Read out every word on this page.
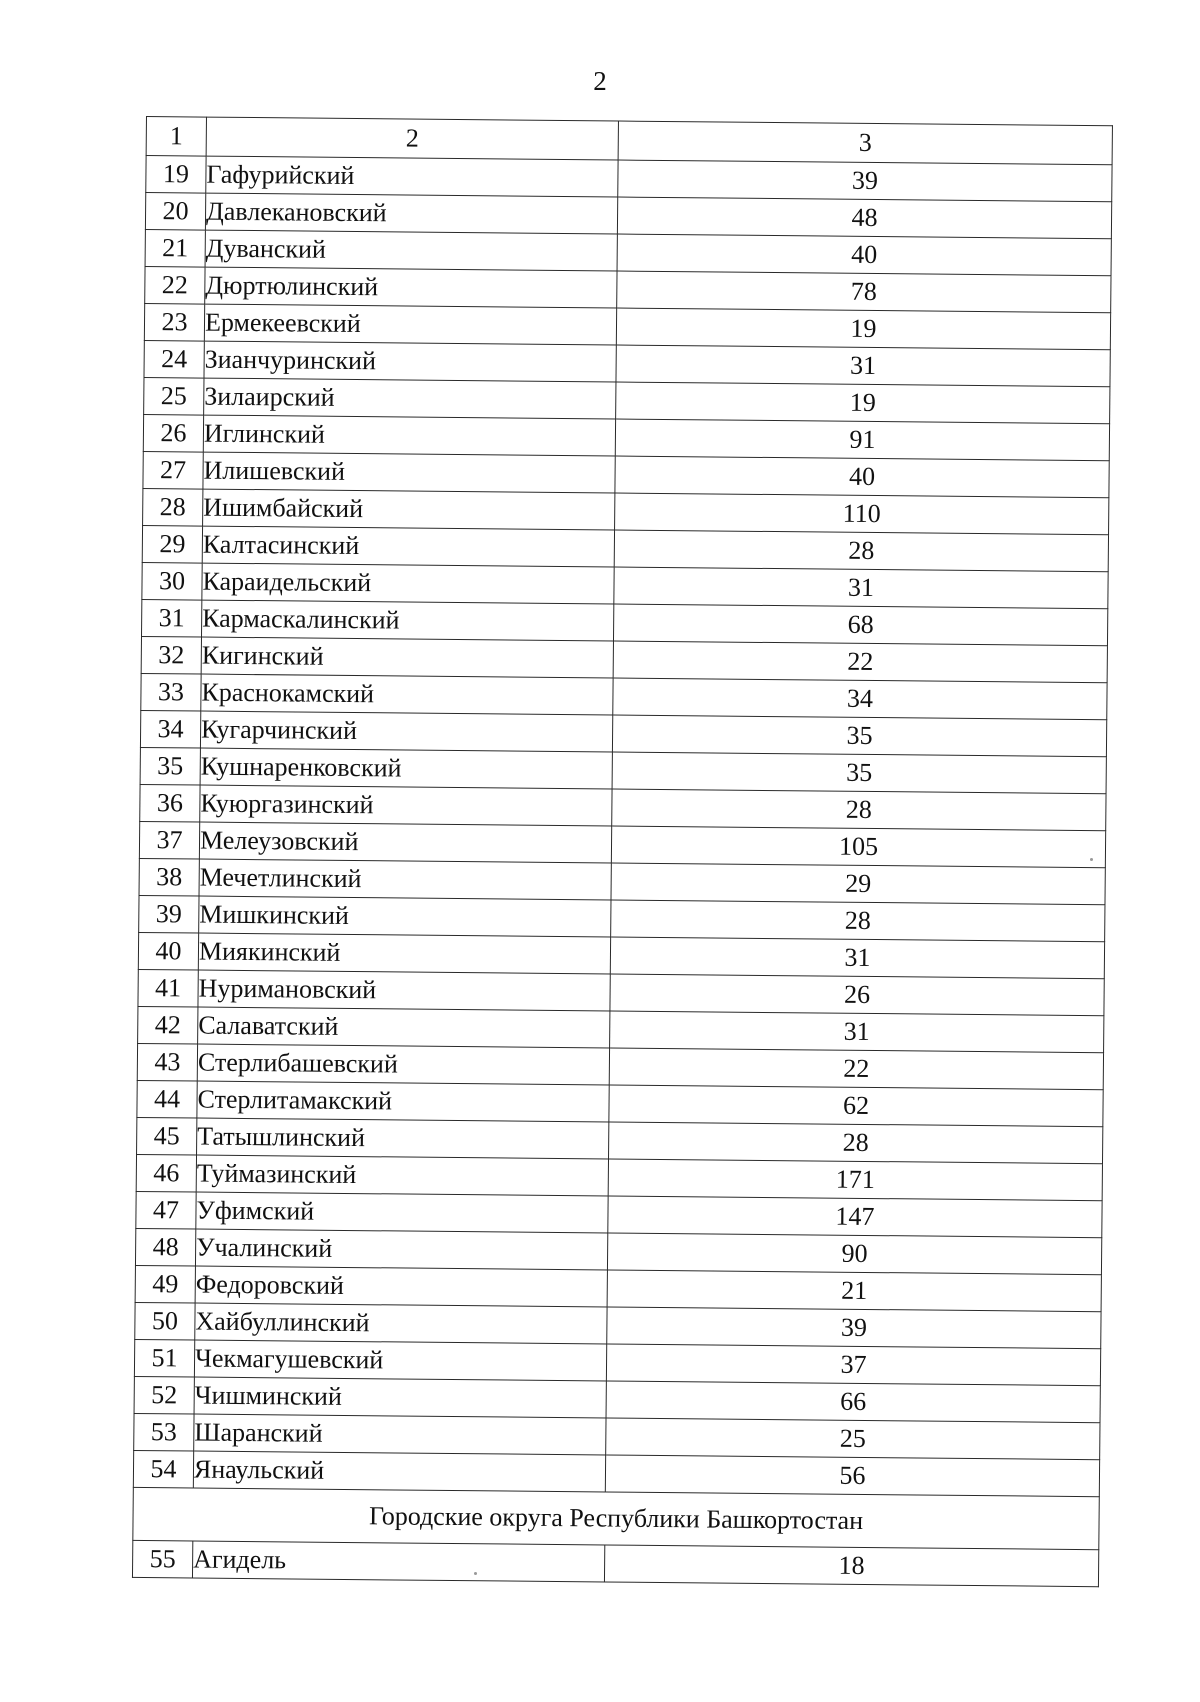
2
1	2	3
19	Гафурийский	39
20	Давлекановский	48
21	Дуванский	40
22	Дюртюлинский	78
23	Ермекеевский	19
24	Зианчуринский	31
25	Зилаирский	19
26	Иглинский	91
27	Илишевский	40
28	Ишимбайский	110
29	Калтасинский	28
30	Караидельский	31
31	Кармаскалинский	68
32	Кигинский	22
33	Краснокамский	34
34	Кугарчинский	35
35	Кушнаренковский	35
36	Куюргазинский	28
37	Мелеузовский	105
38	Мечетлинский	29
39	Мишкинский	28
40	Миякинский	31
41	Нуримановский	26
42	Салаватский	31
43	Стерлибашевский	22
44	Стерлитамакский	62
45	Татышлинский	28
46	Туймазинский	171
47	Уфимский	147
48	Учалинский	90
49	Федоровский	21
50	Хайбуллинский	39
51	Чекмагушевский	37
52	Чишминский	66
53	Шаранский	25
54	Янаульский	56
Городские округа Республики Башкортостан		
55	Агидель	18
